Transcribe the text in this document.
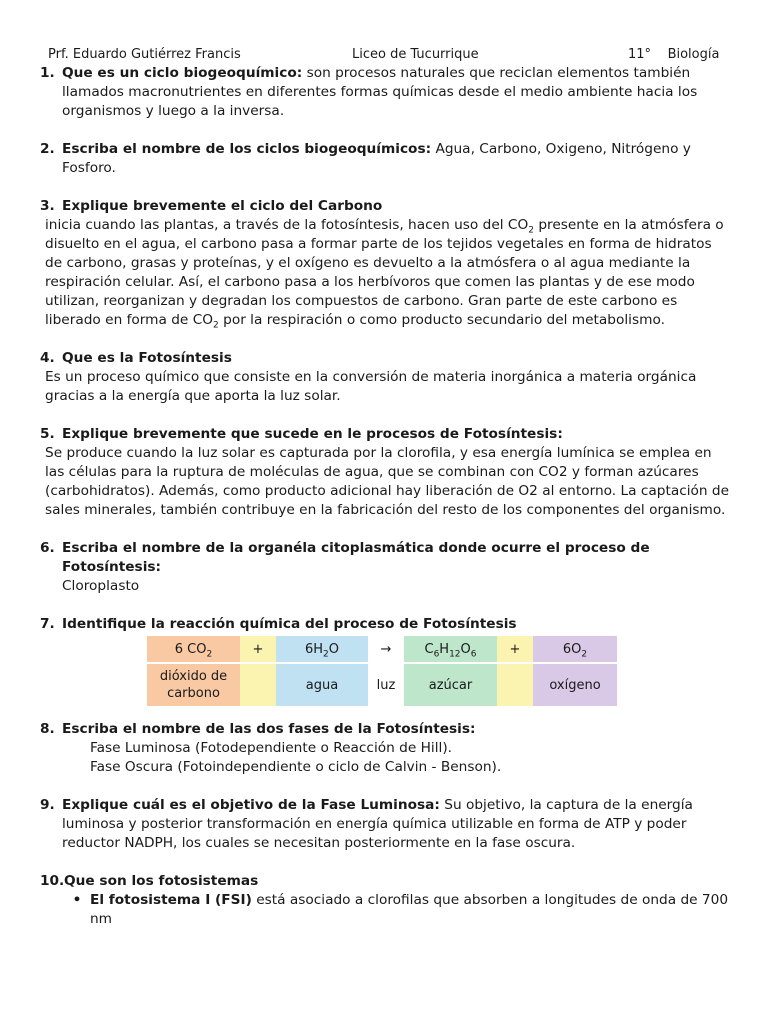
Prf. Eduardo Gutiérrez Francis	Liceo de Tucurrique	11° Biología
1. Que es un ciclo biogeoquímico: son procesos naturales que reciclan elementos también llamados macronutrientes en diferentes formas químicas desde el medio ambiente hacia los organismos y luego a la inversa.
2. Escriba el nombre de los ciclos biogeoquímicos: Agua, Carbono, Oxigeno, Nitrógeno y Fosforo.
3. Explique brevemente el ciclo del Carbono
inicia cuando las plantas, a través de la fotosíntesis, hacen uso del $CO_2$ presente en la atmósfera o disuelto en el agua, el carbono pasa a formar parte de los tejidos vegetales en forma de hidratos de carbono, grasas y proteínas, y el oxígeno es devuelto a la atmósfera o al agua mediante la respiración celular. Así, el carbono pasa a los herbívoros que comen las plantas y de ese modo utilizan, reorganizan y degradan los compuestos de carbono. Gran parte de este carbono es liberado en forma de $CO_2$ por la respiración o como producto secundario del metabolismo.
4. Que es la Fotosíntesis
Es un proceso químico que consiste en la conversión de materia inorgánica a materia orgánica gracias a la energía que aporta la luz solar.
5. Explique brevemente que sucede en le procesos de Fotosíntesis:
Se produce cuando la luz solar es capturada por la clorofila, y esa energía lumínica se emplea en las células para la ruptura de moléculas de agua, que se combinan con CO2 y forman azúcares (carbohidratos). Además, como producto adicional hay liberación de O2 al entorno. La captación de sales minerales, también contribuye en la fabricación del resto de los componentes del organismo.
6. Escriba el nombre de la organéla citoplasmática donde ocurre el proceso de Fotosíntesis:
Cloroplasto
7. Identifique la reacción química del proceso de Fotosíntesis
6 $CO_2$	+	$6H_2O$	→	$C_6H_{12}O_6$	+	$6O_2$
dióxido de
carbono		agua	luz	azúcar		oxígeno
8. Escriba el nombre de las dos fases de la Fotosíntesis:
Fase Luminosa (Fotodependiente o Reacción de Hill).
Fase Oscura (Fotoindependiente o ciclo de Calvin - Benson).
9. Explique cuál es el objetivo de la Fase Luminosa: Su objetivo, la captura de la energía luminosa y posterior transformación en energía química utilizable en forma de ATP y poder reductor NADPH, los cuales se necesitan posteriormente en la fase oscura.
10. Que son los fotosistemas
• El fotosistema I (FSI) está asociado a clorofilas que absorben a longitudes de onda de 700 nm
